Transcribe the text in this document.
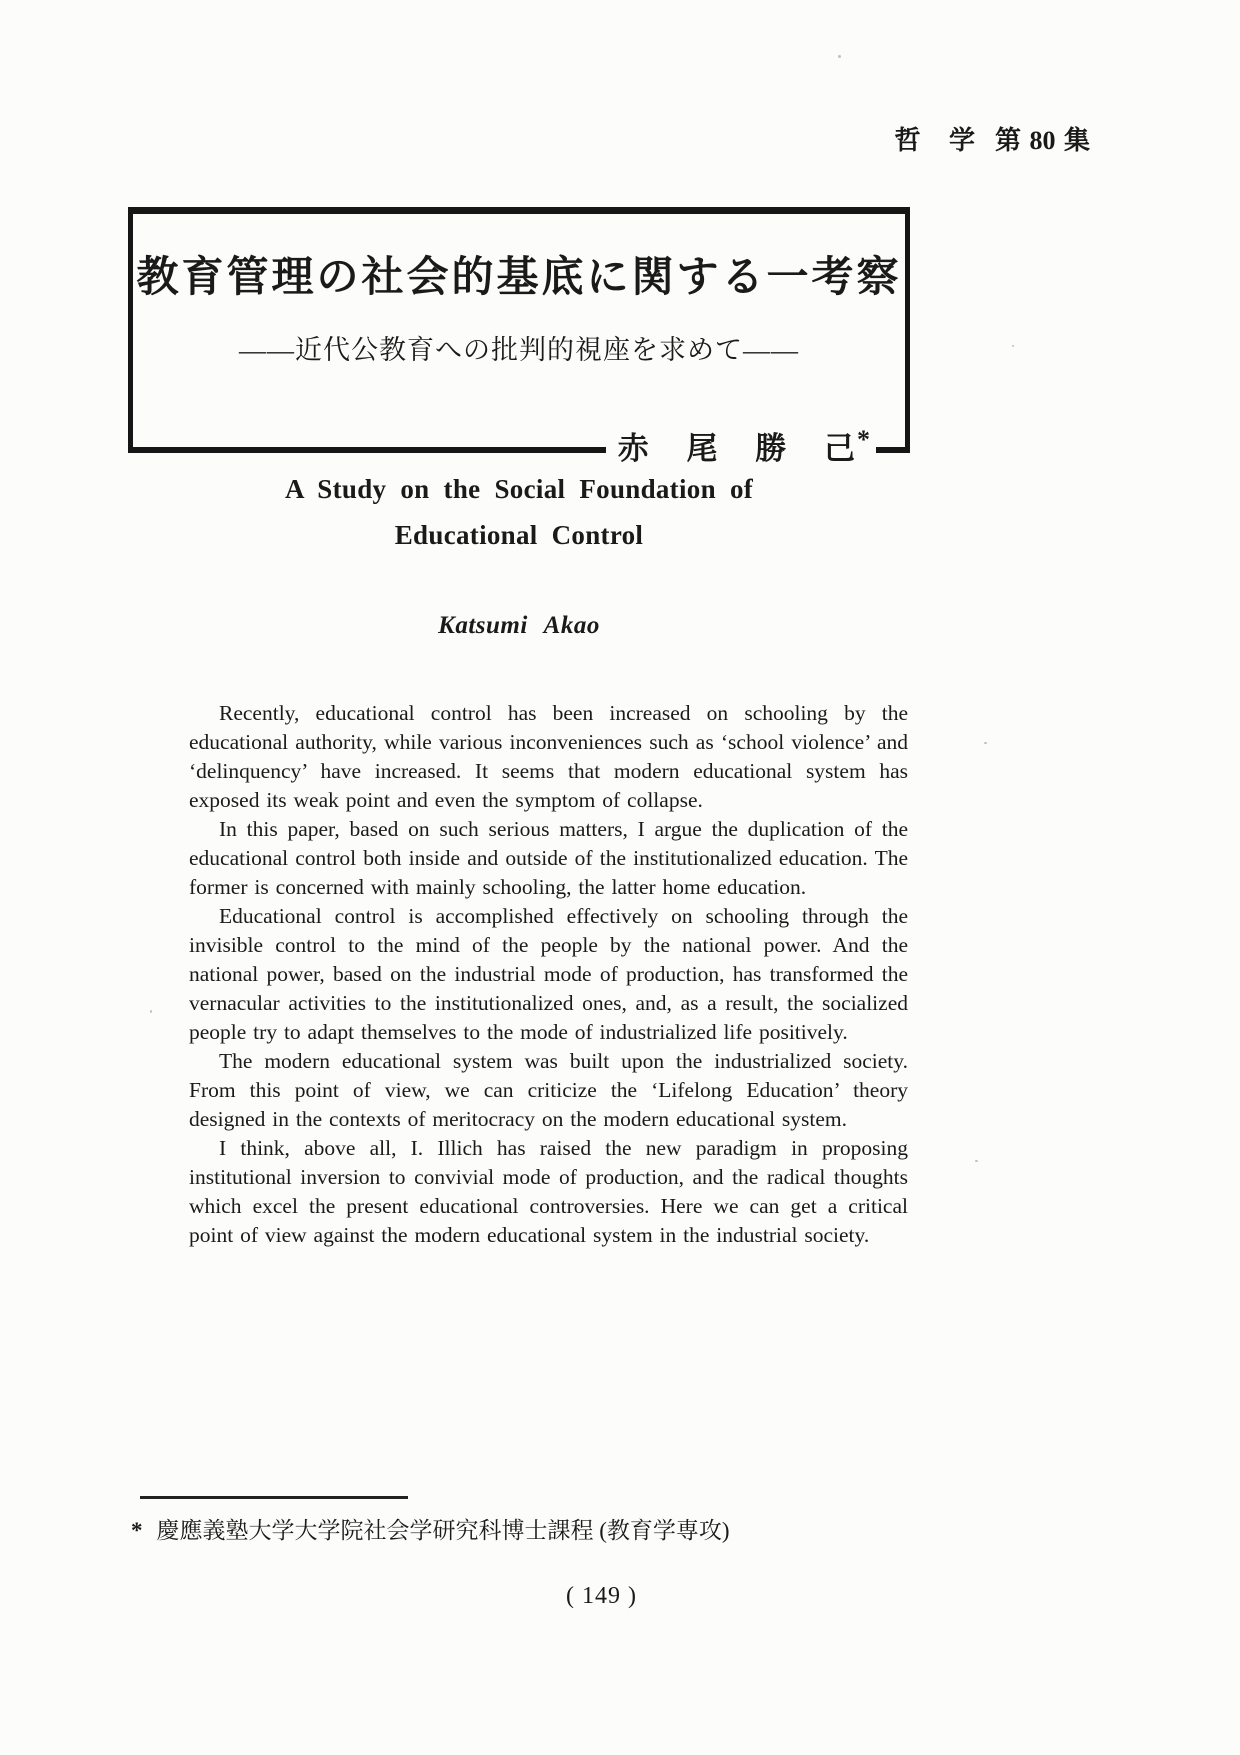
哲 学 第 80 集
教育管理の社会的基底に関する一考察
——近代公教育への批判的視座を求めて——
赤 尾 勝 己 *
A Study on the Social Foundation of
Educational Control
Katsumi Akao

Recently, educational control has been increased on schooling by the educational authority, while various inconveniences such as ‘school violence’ and ‘delinquency’ have increased. It seems that modern educational system has exposed its weak point and even the symptom of collapse.

In this paper, based on such serious matters, I argue the duplication of the educational control both inside and outside of the institutionalized education. The former is concerned with mainly schooling, the latter home education.

Educational control is accomplished effectively on schooling through the invisible control to the mind of the people by the national power. And the national power, based on the industrial mode of production, has transformed the vernacular activities to the institutionalized ones, and, as a result, the socialized people try to adapt themselves to the mode of industrialized life positively.

The modern educational system was built upon the industrialized society. From this point of view, we can criticize the ‘Lifelong Education’ theory designed in the contexts of meritocracy on the modern educational system.

I think, above all, I. Illich has raised the new paradigm in proposing institutional inversion to convivial mode of production, and the radical thoughts which excel the present educational controversies. Here we can get a critical point of view against the modern educational system in the industrial society.

* 慶應義塾大学大学院社会学研究科博士課程 (教育学専攻)
( 149 )
